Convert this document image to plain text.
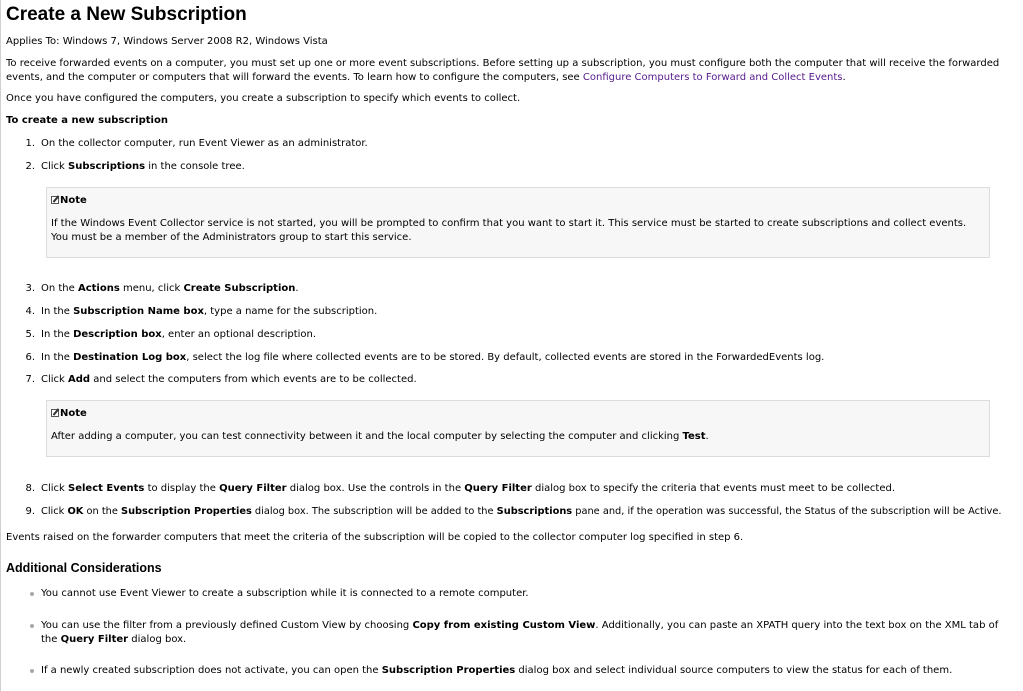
Create a New Subscription
Applies To: Windows 7, Windows Server 2008 R2, Windows Vista
To receive forwarded events on a computer, you must set up one or more event subscriptions. Before setting up a subscription, you must configure both the computer that will receive the forwarded events, and the computer or computers that will forward the events. To learn how to configure the computers, see Configure Computers to Forward and Collect Events.
Once you have configured the computers, you create a subscription to specify which events to collect.
To create a new subscription
1. On the collector computer, run Event Viewer as an administrator.
2. Click Subscriptions in the console tree.
Note
If the Windows Event Collector service is not started, you will be prompted to confirm that you want to start it. This service must be started to create subscriptions and collect events. You must be a member of the Administrators group to start this service.
3. On the Actions menu, click Create Subscription.
4. In the Subscription Name box, type a name for the subscription.
5. In the Description box, enter an optional description.
6. In the Destination Log box, select the log file where collected events are to be stored. By default, collected events are stored in the ForwardedEvents log.
7. Click Add and select the computers from which events are to be collected.
Note
After adding a computer, you can test connectivity between it and the local computer by selecting the computer and clicking Test.
8. Click Select Events to display the Query Filter dialog box. Use the controls in the Query Filter dialog box to specify the criteria that events must meet to be collected.
9. Click OK on the Subscription Properties dialog box. The subscription will be added to the Subscriptions pane and, if the operation was successful, the Status of the subscription will be Active.
Events raised on the forwarder computers that meet the criteria of the subscription will be copied to the collector computer log specified in step 6.
Additional Considerations
You cannot use Event Viewer to create a subscription while it is connected to a remote computer.
You can use the filter from a previously defined Custom View by choosing Copy from existing Custom View. Additionally, you can paste an XPATH query into the text box on the XML tab of the Query Filter dialog box.
If a newly created subscription does not activate, you can open the Subscription Properties dialog box and select individual source computers to view the status for each of them.
